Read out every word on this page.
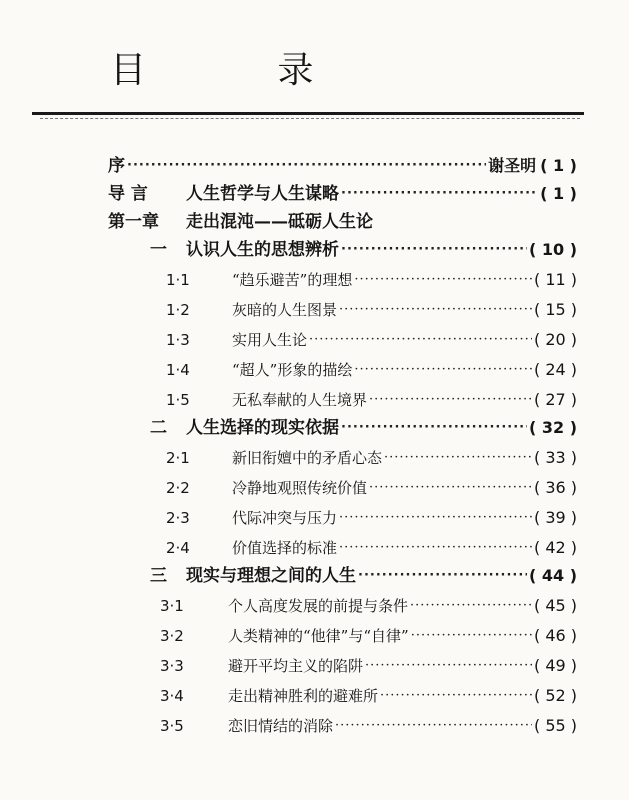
目 录
序 ·····	谢圣明 ( 1 )
导 言	人生哲学与人生谋略 ·····	( 1 )
第一章	走出混沌——砥砺人生论
一	认识人生的思想辨析 ·····	( 10 )
1·1	“趋乐避苦”的理想 ·····	( 11 )
1·2	灰暗的人生图景 ·····	( 15 )
1·3	实用人生论 ·····	( 20 )
1·4	“超人”形象的描绘 ·····	( 24 )
1·5	无私奉献的人生境界 ·····	( 27 )
二	人生选择的现实依据 ·····	( 32 )
2·1	新旧衔嬗中的矛盾心态 ·····	( 33 )
2·2	冷静地观照传统价值 ·····	( 36 )
2·3	代际冲突与压力 ·····	( 39 )
2·4	价值选择的标准 ·····	( 42 )
三	现实与理想之间的人生 ·····	( 44 )
3·1	个人高度发展的前提与条件 ·····	( 45 )
3·2	人类精神的“他律”与“自律” ·····	( 46 )
3·3	避开平均主义的陷阱 ·····	( 49 )
3·4	走出精神胜利的避难所 ·····	( 52 )
3·5	恋旧情结的消除 ·····	( 55 )
